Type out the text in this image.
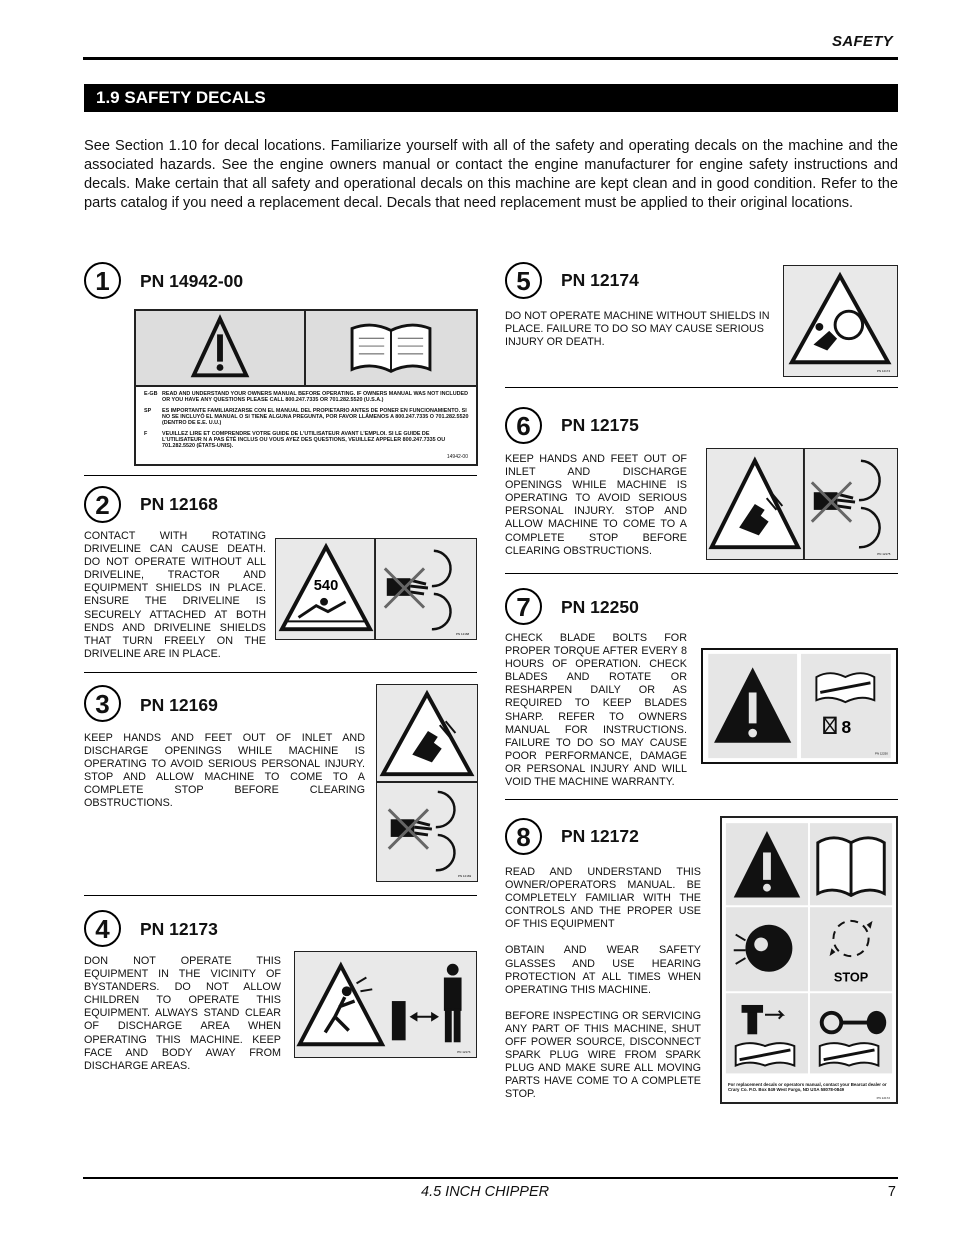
SAFETY
1.9 SAFETY DECALS
See Section 1.10 for decal locations. Familiarize yourself with all of the safety and operating decals on the machine and the associated hazards. See the engine owners manual or contact the engine manufacturer for engine safety instructions and decals. Make certain that all safety and operational decals on this machine are kept clean and in good condition. Refer to the parts catalog if you need a replacement decal. Decals that need replacement must be applied to their original locations.
1	PN 14942-00
E-GB READ AND UNDERSTAND YOUR OWNERS MANUAL BEFORE OPERATING. IF OWNERS MANUAL WAS NOT INCLUDED OR YOU HAVE ANY QUESTIONS PLEASE CALL 800.247.7335 OR 701.282.5520 (U.S.A.)
SP	ES IMPORTANTE FAMILIARIZARSE CON EL MANUAL DEL PROPIETARIO ANTES DE PONER EN FUNCIONAMIENTO. SI NO SE INCLUYÓ EL MANUAL O SI TIENE ALGUNA PREGUNTA, POR FAVOR LLÁMENOS A 800.247.7335 O 701.282.5520 (DENTRO DE E.E. U.U.)
F	VEUILLEZ LIRE ET COMPRENDRE VOTRE GUIDE DE L'UTILISATEUR AVANT L'EMPLOI. SI LE GUIDE DE L'UTILISATEUR N A PAS ÉTÉ INCLUS OU VOUS AYEZ DES QUESTIONS, VEUILLEZ APPELER 800.247.7335 OU 701.282.5520 (ÉTATS-UNIS).
14942-00
2	PN 12168
CONTACT WITH ROTATING DRIVELINE CAN CAUSE DEATH. DO NOT OPERATE WITHOUT ALL DRIVELINE, TRACTOR AND EQUIPMENT SHIELDS IN PLACE. ENSURE THE DRIVELINE IS SECURELY ATTACHED AT BOTH ENDS AND DRIVELINE SHIELDS THAT TURN FREELY ON THE DRIVELINE ARE IN PLACE.
540
PN 12168
3	PN 12169
KEEP HANDS AND FEET OUT OF INLET AND DISCHARGE OPENINGS WHILE MACHINE IS OPERATING TO AVOID SERIOUS PERSONAL INJURY. STOP AND ALLOW MACHINE TO COME TO A COMPLETE STOP BEFORE CLEARING OBSTRUCTIONS.
PN 12169
4	PN 12173
DON NOT OPERATE THIS EQUIPMENT IN THE VICINITY OF BYSTANDERS. DO NOT ALLOW CHILDREN TO OPERATE THIS EQUIPMENT. ALWAYS STAND CLEAR OF DISCHARGE AREA WHEN OPERATING THIS MACHINE. KEEP FACE AND BODY AWAY FROM DISCHARGE AREAS.
PN 12173
5	PN 12174
DO NOT OPERATE MACHINE WITHOUT SHIELDS IN PLACE. FAILURE TO DO SO MAY CAUSE SERIOUS INJURY OR DEATH.
PN 12174
6	PN 12175
KEEP HANDS AND FEET OUT OF INLET AND DISCHARGE OPENINGS WHILE MACHINE IS OPERATING TO AVOID SERIOUS PERSONAL INJURY. STOP AND ALLOW MACHINE TO COME TO A COMPLETE STOP BEFORE CLEARING OBSTRUCTIONS.	PN 12175
7	PN 12250
CHECK BLADE BOLTS FOR PROPER TORQUE AFTER EVERY 8 HOURS OF OPERATION. CHECK BLADES AND ROTATE OR RESHARPEN DAILY OR AS REQUIRED TO KEEP BLADES SHARP. REFER TO OWNERS MANUAL FOR INSTRUCTIONS. FAILURE TO DO SO MAY CAUSE POOR PERFORMANCE, DAMAGE OR PERSONAL INJURY AND WILL VOID THE MACHINE WARRANTY.
8
PN 12250
8	PN 12172

READ AND UNDERSTAND THIS OWNER/OPERATORS MANUAL. BE COMPLETELY FAMILIAR WITH THE CONTROLS AND THE PROPER USE OF THIS EQUIPMENT

OBTAIN AND WEAR SAFETY GLASSES AND USE HEARING PROTECTION AT ALL TIMES WHEN OPERATING THIS MACHINE.

BEFORE INSPECTING OR SERVICING ANY PART OF THIS MACHINE, SHUT OFF POWER SOURCE, DISCONNECT SPARK PLUG WIRE FROM SPARK PLUG AND MAKE SURE ALL MOVING PARTS HAVE COME TO A COMPLETE STOP.

STOP
For replacement decals or operators manual, contact your Bearcat dealer or Crary Co. P.O. Box 849 West Fargo, ND USA 58078-0849
PN 12172
4.5 INCH CHIPPER	7
